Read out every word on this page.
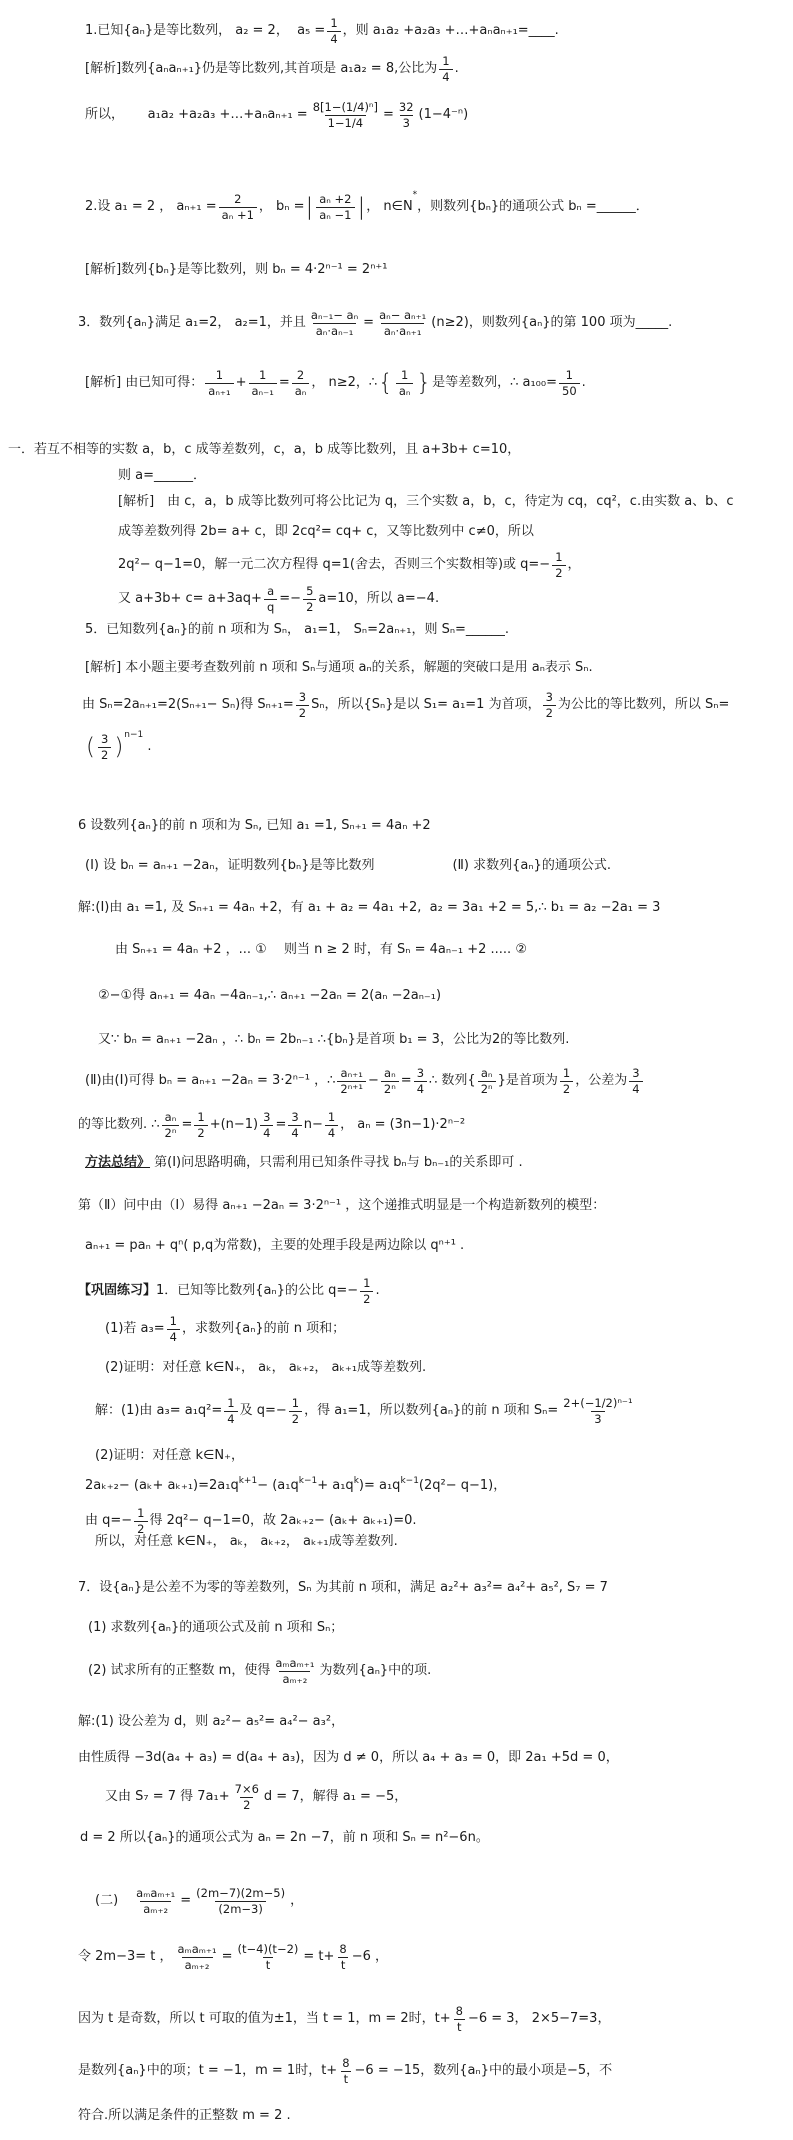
1.已知{aₙ}是等比数列， a₂ = 2，  $a_5 = \frac{1}{4}$ ，则 a₁a₂ +a₂a₃ +…+aₙaₙ₊₁=____.
[解析]数列{aₙaₙ₊₁}仍是等比数列,其首项是 a₁a₂ = 8,公比为 $\frac{1}{4}$ .
所以，　　 a₁a₂ +a₂a₃ +…+aₙaₙ₊₁ = $\frac{\text{8[1−(1/4)ⁿ]}}{1-1/4} = \frac{32}{3} (1-4^{-n})$
2.设 a₁ = 2 ， $a_{n+1} = \frac{2}{\text{aₙ +1}}$ ， bₙ = | $\frac{\text{aₙ +2}}{\text{aₙ −1}}$ | ， n∈N
*
，则数列{bₙ}的通项公式 bₙ =______．
[解析]数列{bₙ}是等比数列，则 bₙ = 4·2ⁿ⁻¹ = 2ⁿ⁺¹
3．数列{aₙ}满足 a₁=2， a₂=1，并且 $\frac{\text{aₙ₋₁− aₙ}}{\text{aₙ·aₙ₋₁}} = \frac{\text{aₙ− aₙ₊₁}}{\text{aₙ·aₙ₊₁}} (n\ge 2)$，则数列{aₙ}的第 100 项为_____.
[解析] 由已知可得： $\frac{1}{\text{aₙ₊₁}} + \frac{1}{\text{aₙ₋₁}} = \frac{2}{\text{aₙ}}$ ， n≥2，∴ { $\frac{1}{\text{aₙ}}$ } 是等差数列，∴ $a_{100}= \frac{1}{50}$ .
一．若互不相等的实数 a，b，c 成等差数列，c，a，b 成等比数列，且 a+3b+ c=10，
则 a=______．
[解析]　由 c，a，b 成等比数列可将公比记为 q，三个实数 a，b，c，待定为 cq，cq²，c.由实数 a、b、c
成等差数列得 2b= a+ c，即 2cq²= cq+ c，又等比数列中 c≠0，所以
2q²− q−1=0，解一元二次方程得 q=1(舍去，否则三个实数相等)或 $q=- \frac{1}{2}$ ，
又 $a+3b+ c= a+3aq+ \frac{a}{q} =- \frac{5}{2} a=10$，所以 a=−4.
5．已知数列{aₙ}的前 n 项和为 Sₙ， a₁=1， Sₙ=2aₙ₊₁，则 Sₙ=______.
[解析] 本小题主要考查数列前 n 项和 Sₙ与通项 aₙ的关系，解题的突破口是用 aₙ表示 Sₙ.
由 Sₙ=2aₙ₊₁=2(Sₙ₊₁− Sₙ)得 $S_{n+1}= \frac{3}{2}$ Sₙ，所以{Sₙ}是以 S₁= a₁=1 为首项， $\frac{3}{2}$ 为公比的等比数列，所以 Sₙ=
( $\frac{3}{2} )^{n-1}$
.
6 设数列{aₙ}的前 n 项和为 Sₙ, 已知 a₁ =1, Sₙ₊₁ = 4aₙ +2
(Ⅰ) 设 bₙ = aₙ₊₁ −2aₙ，证明数列{bₙ}是等比数列　　　　　　(Ⅱ) 求数列{aₙ}的通项公式.
解:(Ⅰ)由 a₁ =1, 及 Sₙ₊₁ = 4aₙ +2，有 a₁ + a₂ = 4a₁ +2,  a₂ = 3a₁ +2 = 5,∴ b₁ = a₂ −2a₁ = 3
由 Sₙ₊₁ = 4aₙ +2 ，... ①　 则当 n ≥ 2 时，有 Sₙ = 4aₙ₋₁ +2 ..... ②
②−①得 aₙ₊₁ = 4aₙ −4aₙ₋₁,∴ aₙ₊₁ −2aₙ = 2(aₙ −2aₙ₋₁)
又∵ bₙ = aₙ₊₁ −2aₙ ，∴ bₙ = 2bₙ₋₁ ∴{bₙ}是首项 b₁ = 3，公比为2的等比数列.
(Ⅱ)由(Ⅰ)可得 bₙ = aₙ₊₁ −2aₙ = 3·2ⁿ⁻¹ ，∴ $\frac{\text{aₙ₊₁}}{\text{2ⁿ⁺¹}} - \frac{\text{aₙ}}{\text{2ⁿ}} = \frac{3}{4}$ ∴ 数列{ $\frac{\text{aₙ}}{\text{2ⁿ}}$ }是首项为 $\frac{1}{2}$ ，公差为 $\frac{3}{4}$
的等比数列. ∴ $\frac{\text{aₙ}}{\text{2ⁿ}} = \frac{1}{2} +(n-1) \frac{3}{4} = \frac{3}{4} n- \frac{1}{4}$ ， aₙ = (3n−1)·2ⁿ⁻²
方法总结》 第(Ⅰ)问思路明确，只需利用已知条件寻找 bₙ与 bₙ₋₁的关系即可 .
第（Ⅱ）问中由（Ⅰ）易得 aₙ₊₁ −2aₙ = 3·2ⁿ⁻¹ ，这个递推式明显是一个构造新数列的模型：
aₙ₊₁ = paₙ + qⁿ( p,q为常数)，主要的处理手段是两边除以 qⁿ⁺¹ .
【巩固练习】 1．已知等比数列{aₙ}的公比 $q=- \frac{1}{2}$ .
(1)若 $a_3= \frac{1}{4}$ ，求数列{aₙ}的前 n 项和；
(2)证明：对任意 k∈N₊， aₖ， aₖ₊₂， aₖ₊₁成等差数列.
解：(1)由 $a_3= a_1q^2= \frac{1}{4}$ 及 $q=- \frac{1}{2}$ ，得 a₁=1，所以数列{aₙ}的前 n 项和 $S_n= \frac{\text{2+(−1/2)ⁿ⁻¹}}{3}$
(2)证明：对任意 k∈N₊，
$2a_{k+2}- (a_k+ a_{k+1})=2a_1q^{k+1} - (a_1q^{k-1} + a_1q^k$ )= $a_1q^{k-1}$ (2q²− q−1)，
由 $q=- \frac{1}{2}$ 得 2q²− q−1=0，故 2aₖ₊₂− (aₖ+ aₖ₊₁)=0.
所以，对任意 k∈N₊， aₖ， aₖ₊₂， aₖ₊₁成等差数列.
7．设{aₙ}是公差不为零的等差数列，Sₙ 为其前 n 项和，满足 a₂²+ a₃²= a₄²+ a₅², S₇ = 7
(1) 求数列{aₙ}的通项公式及前 n 项和 Sₙ；
(2) 试求所有的正整数 m，使得 $\frac{\text{aₘaₘ₊₁}}{\text{aₘ₊₂}}$ 为数列{aₙ}中的项.
解:(1) 设公差为 d，则 a₂²− a₅²= a₄²− a₃²，
由性质得 −3d(a₄ + a₃) = d(a₄ + a₃)，因为 d ≠ 0，所以 a₄ + a₃ = 0，即 2a₁ +5d = 0，
又由 S₇ = 7 得 $7a_1+ \frac{7\times 6}{2}$ d = 7，解得 a₁ = −5，
d = 2 所以{aₙ}的通项公式为 aₙ = 2n −7，前 n 项和 Sₙ = n²−6n。
(二)　 $\frac{\text{aₘaₘ₊₁}}{\text{aₘ₊₂}} = \frac{(2m-7)(2m-5)}{(2m-3)}$ ，
令 2m−3= t ， $\frac{\text{aₘaₘ₊₁}}{\text{aₘ₊₂}} = \frac{(t-4)(t-2)}{t} = t+ \frac{8}{t} -6$ ，
因为 t 是奇数，所以 t 可取的值为±1，当 t = 1，m = 2时，$t+ \frac{8}{t} -6 = 3$， 2×5−7=3，
是数列{aₙ}中的项；t = −1，m = 1时，$t+ \frac{8}{t} -6 = -15$，数列{aₙ}中的最小项是−5，不
符合.所以满足条件的正整数 m = 2 .
